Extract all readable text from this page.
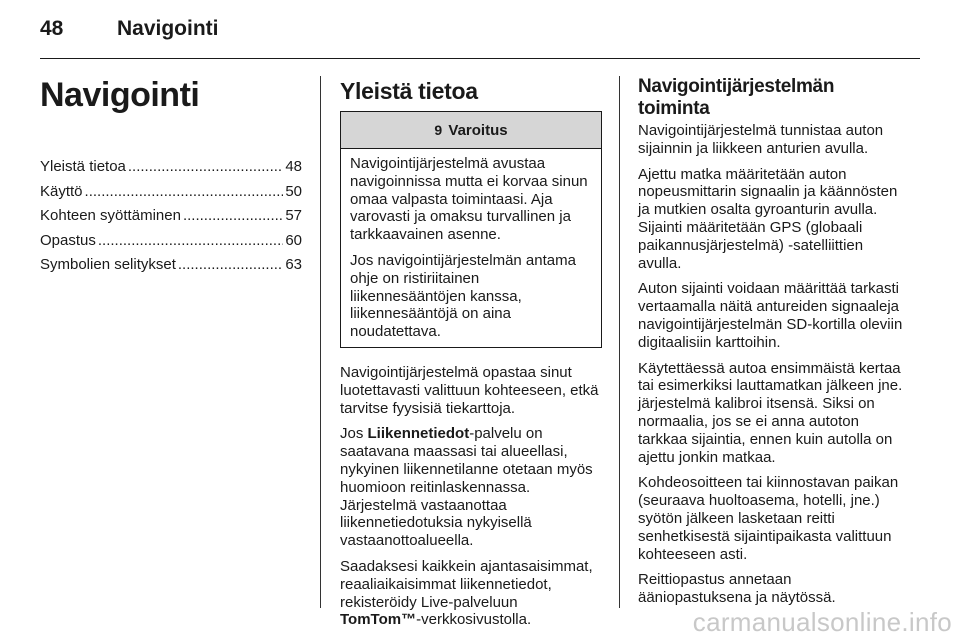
48	Navigointi
Navigointi
Yleistä tietoa .....	48
Käyttö .....	50
Kohteen syöttäminen .....	57
Opastus .....	60
Symbolien selitykset .....	63
Yleistä tietoa
9 Varoitus

Navigointijärjestelmä avustaa navigoinnissa mutta ei korvaa sinun omaa valpasta toimintaasi. Aja varovasti ja omaksu turvallinen ja tarkkaavainen asenne.

Jos navigointijärjestelmän antama ohje on ristiriitainen liikennesääntöjen kanssa, liikennesääntöjä on aina noudatettava.

Navigointijärjestelmä opastaa sinut luotettavasti valittuun kohteeseen, etkä tarvitse fyysisiä tiekarttoja.

Jos Liikennetiedot-palvelu on saatavana maassasi tai alueellasi, nykyinen liikennetilanne otetaan myös huomioon reitinlaskennassa. Järjestelmä vastaanottaa liikennetiedotuksia nykyisellä vastaanottoalueella.

Saadaksesi kaikkein ajantasaisimmat, reaaliaikaisimmat liikennetiedot, rekisteröidy Live-palveluun
TomTom™-verkkosivustolla.

Navigointijärjestelmän toiminta

Navigointijärjestelmä tunnistaa auton sijainnin ja liikkeen anturien avulla.

Ajettu matka määritetään auton nopeusmittarin signaalin ja käännösten ja mutkien osalta gyroanturin avulla. Sijainti määritetään GPS (globaali paikannusjärjestelmä) -satelliittien avulla.

Auton sijainti voidaan määrittää tarkasti vertaamalla näitä antureiden signaaleja navigointijärjestelmän SD-kortilla oleviin digitaalisiin karttoihin.

Käytettäessä autoa ensimmäistä kertaa tai esimerkiksi lauttamatkan jälkeen jne. järjestelmä kalibroi itsensä. Siksi on normaalia, jos se ei anna autoton tarkkaa sijaintia, ennen kuin autolla on ajettu jonkin matkaa.

Kohdeosoitteen tai kiinnostavan paikan (seuraava huoltoasema, hotelli, jne.) syötön jälkeen lasketaan reitti senhetkisestä sijaintipaikasta valittuun kohteeseen asti.

Reittiopastus annetaan ääniopastuksena ja näytössä.

carmanualsonline.info
